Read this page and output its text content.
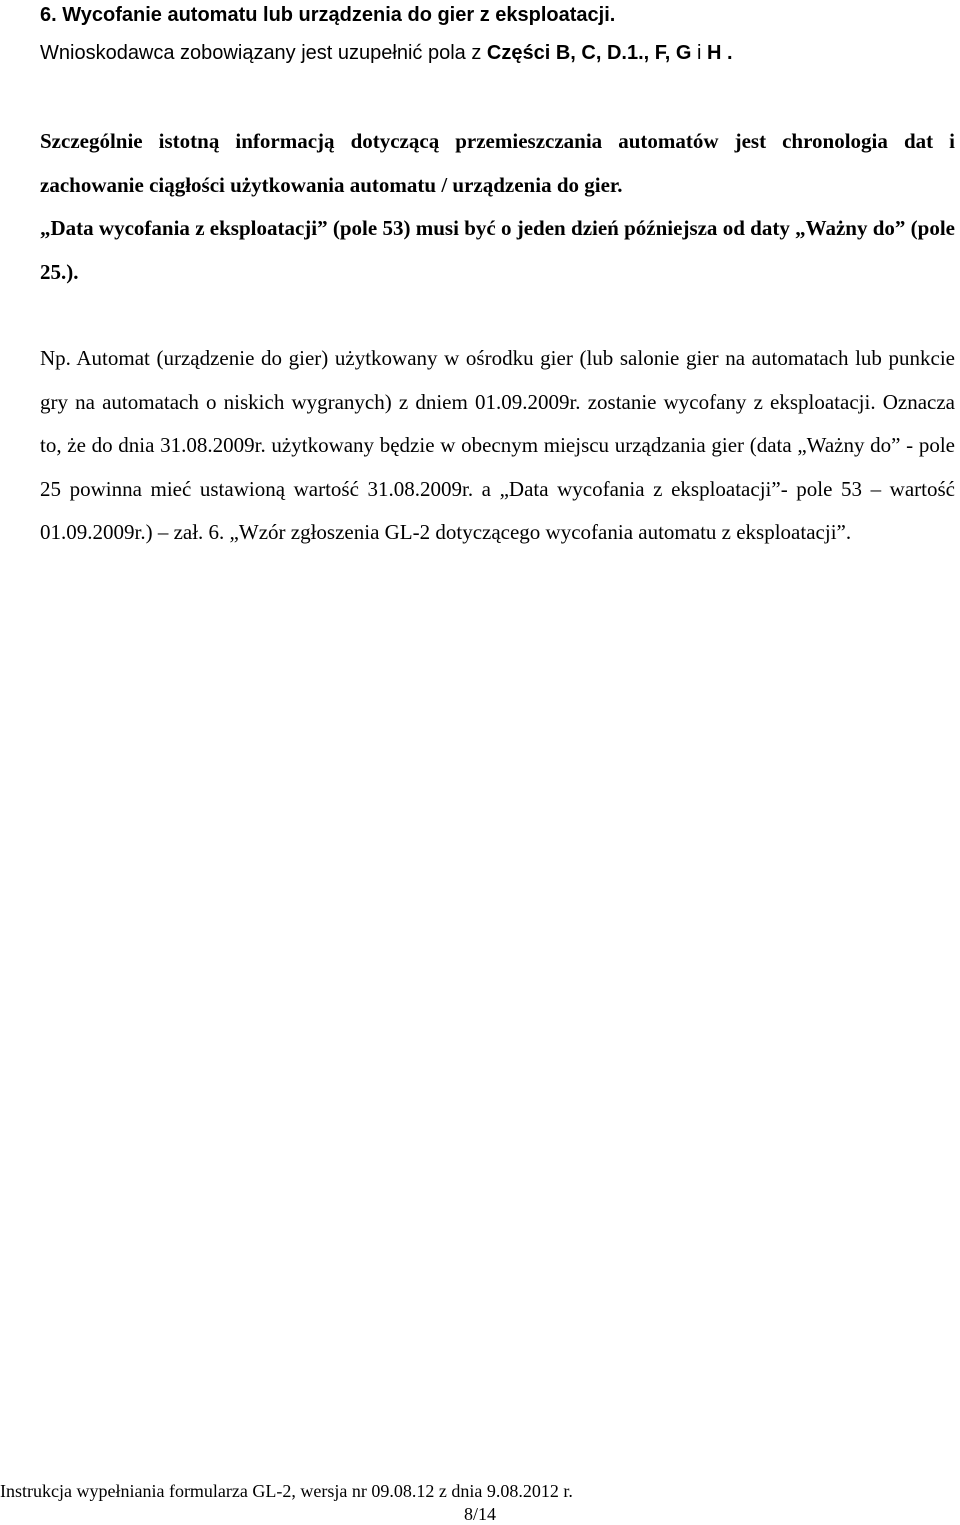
6. Wycofanie automatu lub urządzenia do gier z eksploatacji.

Wnioskodawca zobowiązany jest uzupełnić pola z Części B, C, D.1., F, G i H .

Szczególnie istotną informacją dotyczącą przemieszczania automatów jest chronologia dat i zachowanie ciągłości użytkowania automatu / urządzenia do gier.
„Data wycofania z eksploatacji” (pole 53) musi być o jeden dzień późniejsza od daty „Ważny do” (pole 25.).

Np. Automat (urządzenie do gier) użytkowany w ośrodku gier (lub salonie gier na automatach lub punkcie gry na automatach o niskich wygranych) z dniem 01.09.2009r. zostanie wycofany z eksploatacji. Oznacza to, że do dnia 31.08.2009r. użytkowany będzie w obecnym miejscu urządzania gier (data „Ważny do” - pole 25 powinna mieć ustawioną wartość 31.08.2009r. a „Data wycofania z eksploatacji”- pole 53 – wartość 01.09.2009r.) – zał. 6. „Wzór zgłoszenia GL-2 dotyczącego wycofania automatu z eksploatacji”.

Instrukcja wypełniania formularza GL-2, wersja nr 09.08.12 z dnia 9.08.2012 r.

8/14
